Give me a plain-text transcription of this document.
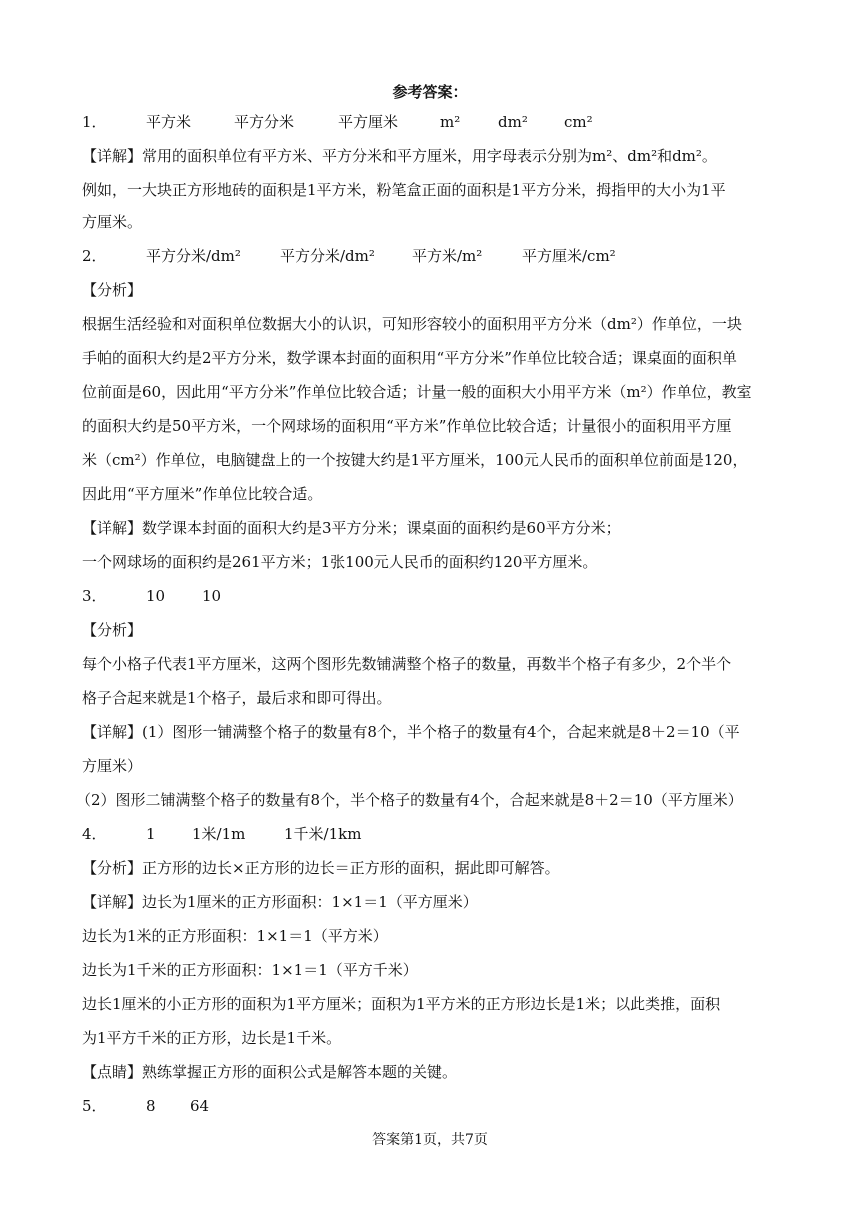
参考答案：
1．	平方米	平方分米	平方厘米	m²	dm² cm²
【详解】常用的面积单位有平方米、平方分米和平方厘米，用字母表示分别为m²、dm²和dm²。
例如，一大块正方形地砖的面积是1平方米，粉笔盒正面的面积是1平方分米，拇指甲的大小为1平
方厘米。
2．	平方分米/dm²	平方分米/dm² 平方米/m²	平方厘米/cm²
【分析】
根据生活经验和对面积单位数据大小的认识，可知形容较小的面积用平方分米（dm²）作单位，一块
手帕的面积大约是2平方分米，数学课本封面的面积用“平方分米”作单位比较合适；课桌面的面积单
位前面是60，因此用“平方分米”作单位比较合适；计量一般的面积大小用平方米（m²）作单位，教室
的面积大约是50平方米，一个网球场的面积用“平方米”作单位比较合适；计量很小的面积用平方厘
米（cm²）作单位，电脑键盘上的一个按键大约是1平方厘米，100元人民币的面积单位前面是120，
因此用“平方厘米”作单位比较合适。
【详解】数学课本封面的面积大约是3平方分米；课桌面的面积约是60平方分米；
一个网球场的面积约是261平方米；1张100元人民币的面积约120平方厘米。
3．	10 10
【分析】
每个小格子代表1平方厘米，这两个图形先数铺满整个格子的数量，再数半个格子有多少，2个半个
格子合起来就是1个格子，最后求和即可得出。
【详解】(1）图形一铺满整个格子的数量有8个，半个格子的数量有4个，合起来就是8＋2＝10（平
方厘米）
（2）图形二铺满整个格子的数量有8个，半个格子的数量有4个，合起来就是8＋2＝10（平方厘米）
4．	1 1米/1m	1千米/1km
【分析】正方形的边长×正方形的边长＝正方形的面积，据此即可解答。
【详解】边长为1厘米的正方形面积：1×1＝1（平方厘米）
边长为1米的正方形面积：1×1＝1（平方米）
边长为1千米的正方形面积：1×1＝1（平方千米）
边长1厘米的小正方形的面积为1平方厘米；面积为1平方米的正方形边长是1米；以此类推，面积
为1平方千米的正方形，边长是1千米。
【点睛】熟练掌握正方形的面积公式是解答本题的关键。
5．	8 64
答案第1页，共7页
